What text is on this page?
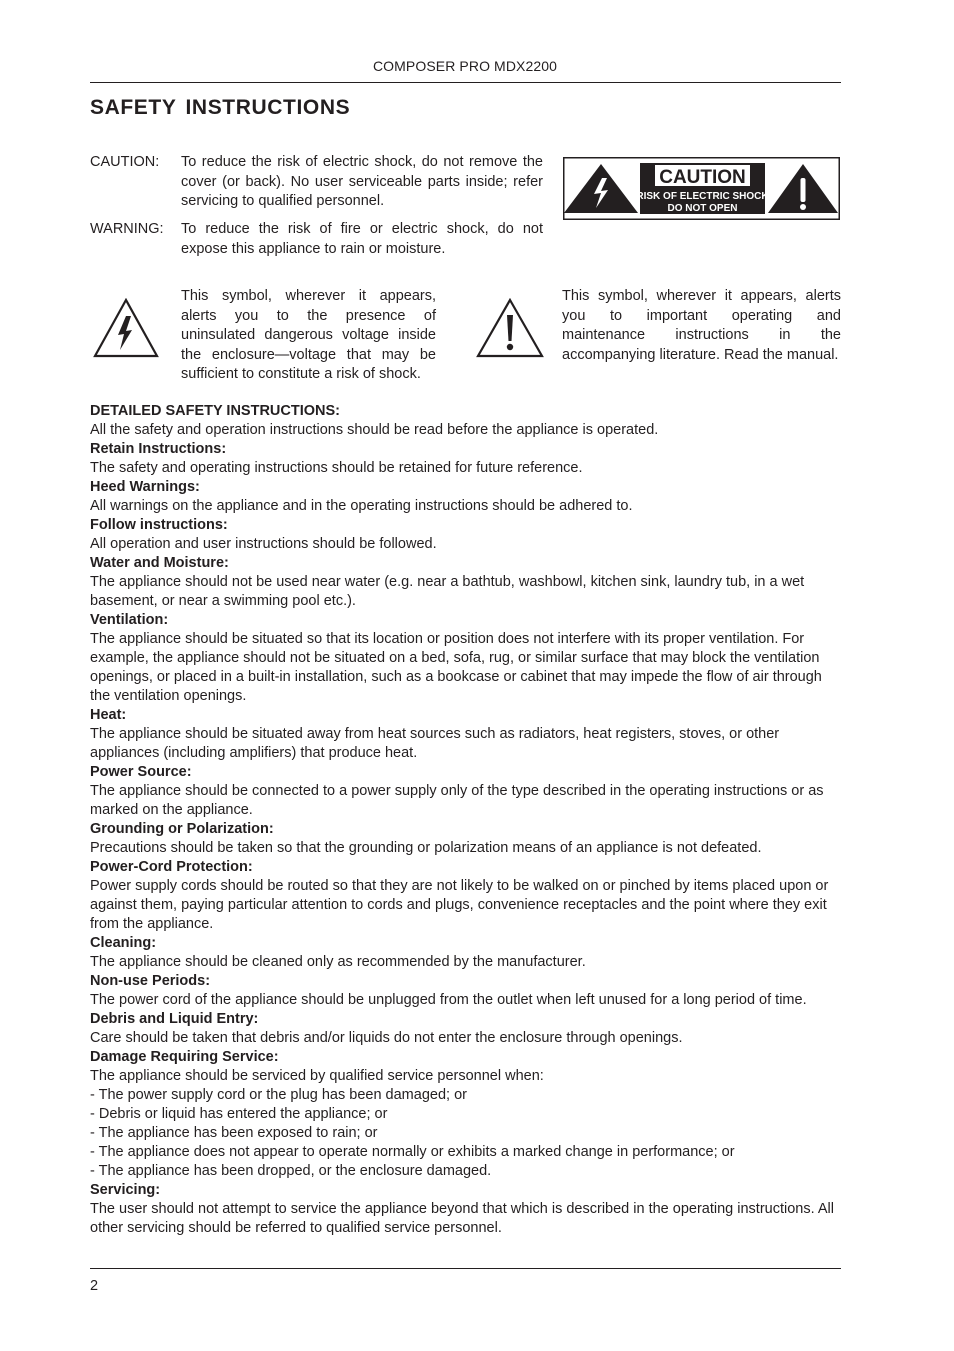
COMPOSER PRO MDX2200
SAFETY INSTRUCTIONS
CAUTION: To reduce the risk of electric shock, do not remove the cover (or back). No user serviceable parts inside; refer servicing to qualified personnel.
WARNING: To reduce the risk of fire or electric shock, do not expose this appliance to rain or moisture.
CAUTION
RISK OF ELECTRIC SHOCK
DO NOT OPEN
This symbol, wherever it appears, alerts you to the presence of uninsulated dangerous voltage inside the enclosure—voltage that may be sufficient to constitute a risk of shock.
This symbol, wherever it appears, alerts you to important operating and maintenance instructions in the accompanying literature. Read the manual.
DETAILED SAFETY INSTRUCTIONS:

All the safety and operation instructions should be read before the appliance is operated.

Retain Instructions:

The safety and operating instructions should be retained for future reference.

Heed Warnings:

All warnings on the appliance and in the operating instructions should be adhered to.

Follow instructions:

All operation and user instructions should be followed.

Water and Moisture:

The appliance should not be used near water (e.g. near a bathtub, washbowl, kitchen sink, laundry tub, in a wet basement, or near a swimming pool etc.).

Ventilation:

The appliance should be situated so that its location or position does not interfere with its proper ventilation. For example, the appliance should not be situated on a bed, sofa, rug, or similar surface that may block the ventilation openings, or placed in a built-in installation, such as a bookcase or cabinet that may impede the flow of air through the ventilation openings.

Heat:

The appliance should be situated away from heat sources such as radiators, heat registers, stoves, or other appliances (including amplifiers) that produce heat.

Power Source:

The appliance should be connected to a power supply only of the type described in the operating instructions or as marked on the appliance.

Grounding or Polarization:

Precautions should be taken so that the grounding or polarization means of an appliance is not defeated.

Power-Cord Protection:

Power supply cords should be routed so that they are not likely to be walked on or pinched by items placed upon or against them, paying particular attention to cords and plugs, convenience receptacles and the point where they exit from the appliance.

Cleaning:

The appliance should be cleaned only as recommended by the manufacturer.

Non-use Periods:

The power cord of the appliance should be unplugged from the outlet when left unused for a long period of time.

Debris and Liquid Entry:

Care should be taken that debris and/or liquids do not enter the enclosure through openings.

Damage Requiring Service:

The appliance should be serviced by qualified service personnel when:

- The power supply cord or the plug has been damaged; or

- Debris or liquid has entered the appliance; or

- The appliance has been exposed to rain; or

- The appliance does not appear to operate normally or exhibits a marked change in performance; or

- The appliance has been dropped, or the enclosure damaged.

Servicing:

The user should not attempt to service the appliance beyond that which is described in the operating instructions. All other servicing should be referred to qualified service personnel.

2
